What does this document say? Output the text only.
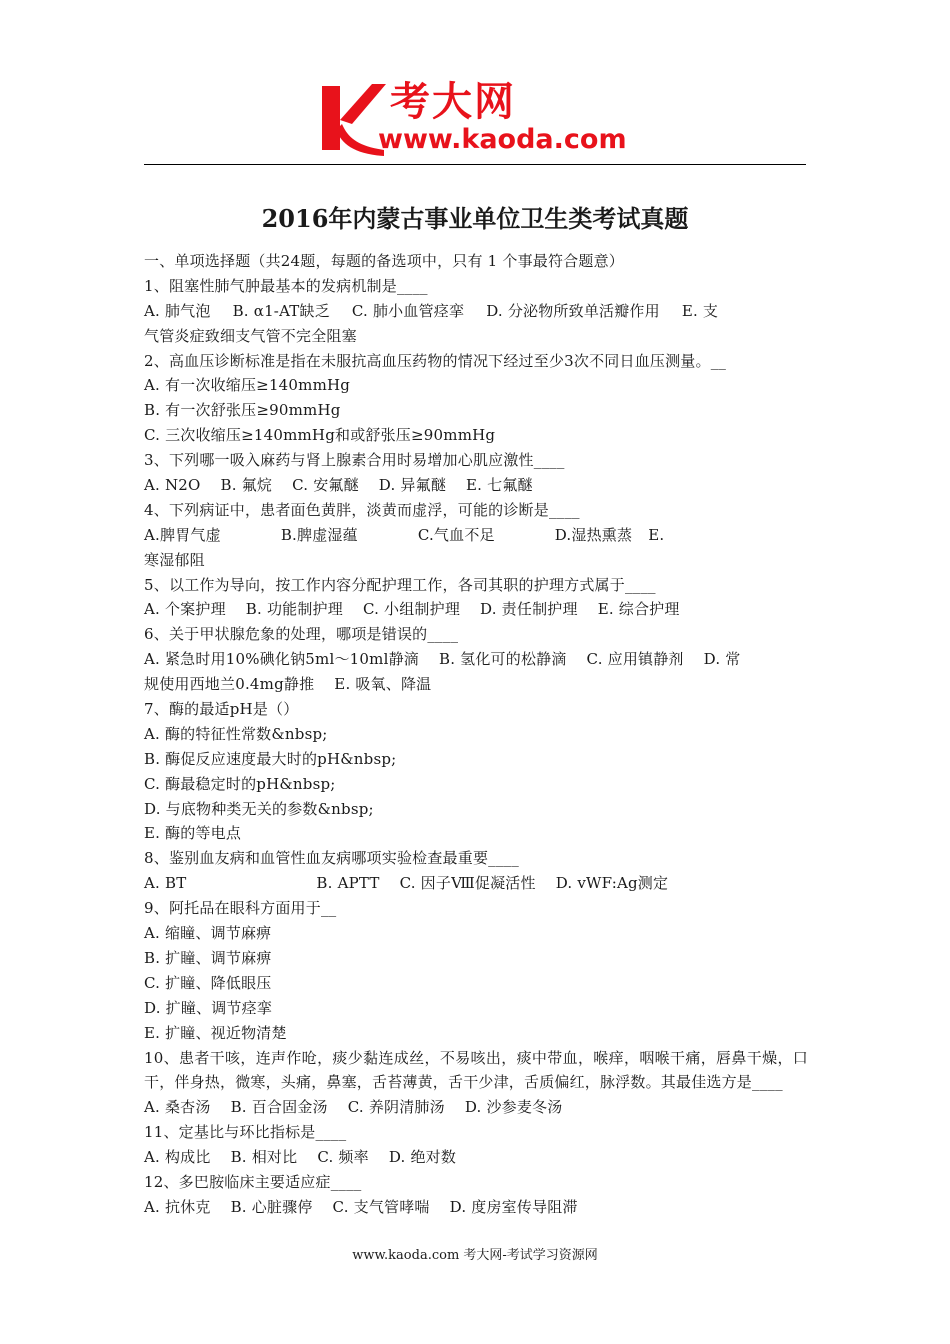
考大网
www.kaoda.com
2016年内蒙古事业单位卫生类考试真题
一、单项选择题（共24题，每题的备选项中，只有 1 个事最符合题意）
1、阻塞性肺气肿最基本的发病机制是____
A. 肺气泡 B. α1-AT缺乏 C. 肺小血管痉挛 D. 分泌物所致单活瓣作用 E. 支
气管炎症致细支气管不完全阻塞
2、高血压诊断标准是指在未服抗高血压药物的情况下经过至少3次不同日血压测量。__
A. 有一次收缩压≥140mmHg
B. 有一次舒张压≥90mmHg
C. 三次收缩压≥140mmHg和或舒张压≥90mmHg
3、下列哪一吸入麻药与肾上腺素合用时易增加心肌应激性____
A. N2O B. 氟烷 C. 安氟醚 D. 异氟醚 E. 七氟醚
4、下列病证中，患者面色黄胖，淡黄而虚浮，可能的诊断是____
A.脾胃气虚	B.脾虚湿蕴	C.气血不足	D.湿热熏蒸 E.
寒湿郁阻
5、以工作为导向，按工作内容分配护理工作，各司其职的护理方式属于____
A. 个案护理 B. 功能制护理 C. 小组制护理 D. 责任制护理 E. 综合护理
6、关于甲状腺危象的处理，哪项是错误的____
A. 紧急时用10%碘化钠5ml～10ml静滴 B. 氢化可的松静滴 C. 应用镇静剂 D. 常
规使用西地兰0.4mg静推 E. 吸氧、降温
7、酶的最适pH是（）
A. 酶的特征性常数&nbsp;
B. 酶促反应速度最大时的pH&nbsp;
C. 酶最稳定时的pH&nbsp;
D. 与底物种类无关的参数&nbsp;
E. 酶的等电点
8、鉴别血友病和血管性血友病哪项实验检查最重要____
A. BT	B. APTT C. 因子Ⅷ促凝活性 D. vWF:Ag测定
9、阿托品在眼科方面用于__
A. 缩瞳、调节麻痹
B. 扩瞳、调节麻痹
C. 扩瞳、降低眼压
D. 扩瞳、调节痉挛
E. 扩瞳、视近物清楚
10、患者干咳，连声作呛，痰少黏连成丝，不易咳出，痰中带血，喉痒，咽喉干痛，唇鼻干燥，口干，伴身热，微寒，头痛，鼻塞，舌苔薄黄，舌干少津，舌质偏红，脉浮数。其最佳选方是____
A. 桑杏汤 B. 百合固金汤 C. 养阴清肺汤 D. 沙参麦冬汤
11、定基比与环比指标是____
A. 构成比 B. 相对比 C. 频率 D. 绝对数
12、多巴胺临床主要适应症____
A. 抗休克 B. 心脏骤停 C. 支气管哮喘 D. 度房室传导阻滞
www.kaoda.com 考大网-考试学习资源网
